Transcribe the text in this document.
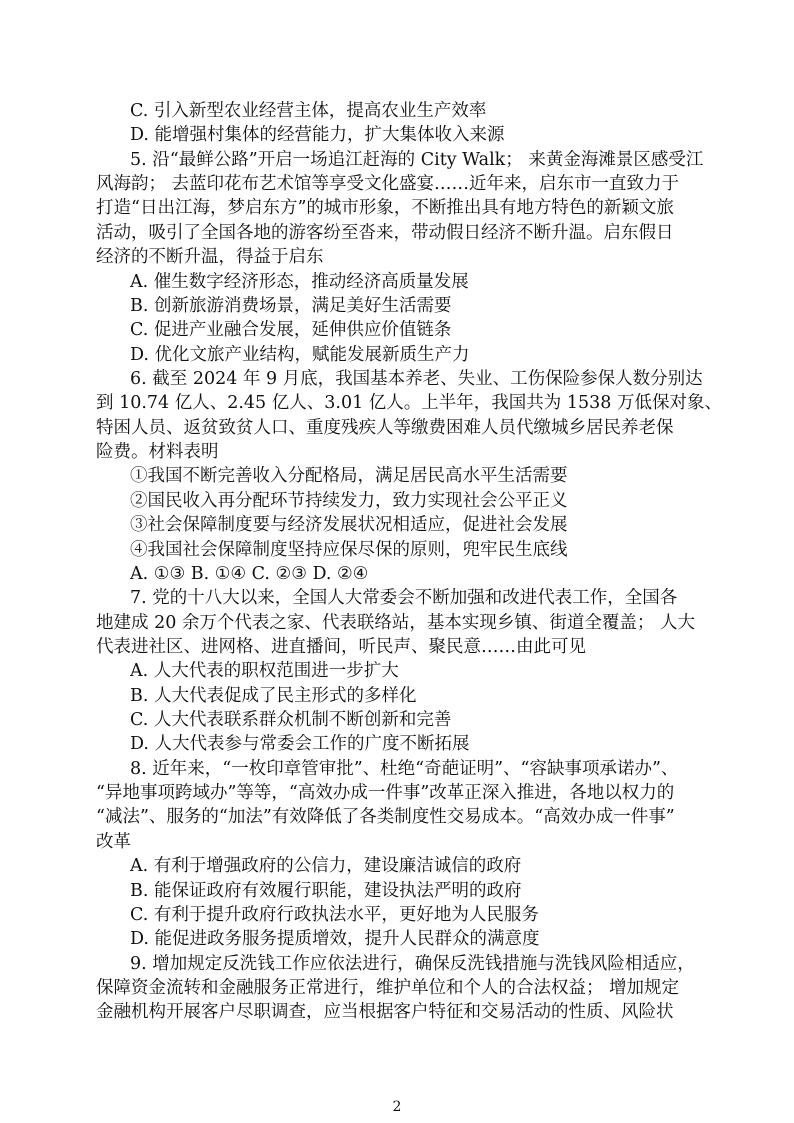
C. 引入新型农业经营主体，提高农业生产效率
D. 能增强村集体的经营能力，扩大集体收入来源
5. 沿“最鲜公路”开启一场追江赶海的 City Walk； 来黄金海滩景区感受江
风海韵； 去蓝印花布艺术馆等享受文化盛宴……近年来，启东市一直致力于
打造“日出江海，梦启东方”的城市形象，不断推出具有地方特色的新颖文旅
活动，吸引了全国各地的游客纷至沓来，带动假日经济不断升温。启东假日
经济的不断升温，得益于启东
A. 催生数字经济形态，推动经济高质量发展
B. 创新旅游消费场景，满足美好生活需要
C. 促进产业融合发展，延伸供应价值链条
D. 优化文旅产业结构，赋能发展新质生产力
6. 截至 2024 年 9 月底，我国基本养老、失业、工伤保险参保人数分别达
到 10.74 亿人、2.45 亿人、3.01 亿人。上半年，我国共为 1538 万低保对象、
特困人员、返贫致贫人口、重度残疾人等缴费困难人员代缴城乡居民养老保
险费。材料表明
①我国不断完善收入分配格局，满足居民高水平生活需要
②国民收入再分配环节持续发力，致力实现社会公平正义
③社会保障制度要与经济发展状况相适应，促进社会发展
④我国社会保障制度坚持应保尽保的原则，兜牢民生底线
A. ①③ B. ①④ C. ②③ D. ②④
7. 党的十八大以来，全国人大常委会不断加强和改进代表工作，全国各
地建成 20 余万个代表之家、代表联络站，基本实现乡镇、街道全覆盖； 人大
代表进社区、进网格、进直播间，听民声、聚民意……由此可见
A. 人大代表的职权范围进一步扩大
B. 人大代表促成了民主形式的多样化
C. 人大代表联系群众机制不断创新和完善
D. 人大代表参与常委会工作的广度不断拓展
8. 近年来，“一枚印章管审批”、杜绝“奇葩证明”、“容缺事项承诺办”、
“异地事项跨域办”等等，“高效办成一件事”改革正深入推进，各地以权力的
“减法”、服务的“加法”有效降低了各类制度性交易成本。“高效办成一件事”
改革
A. 有利于增强政府的公信力，建设廉洁诚信的政府
B. 能保证政府有效履行职能，建设执法严明的政府
C. 有利于提升政府行政执法水平，更好地为人民服务
D. 能促进政务服务提质增效，提升人民群众的满意度
9. 增加规定反洗钱工作应依法进行，确保反洗钱措施与洗钱风险相适应，
保障资金流转和金融服务正常进行，维护单位和个人的合法权益； 增加规定
金融机构开展客户尽职调查，应当根据客户特征和交易活动的性质、风险状
2
